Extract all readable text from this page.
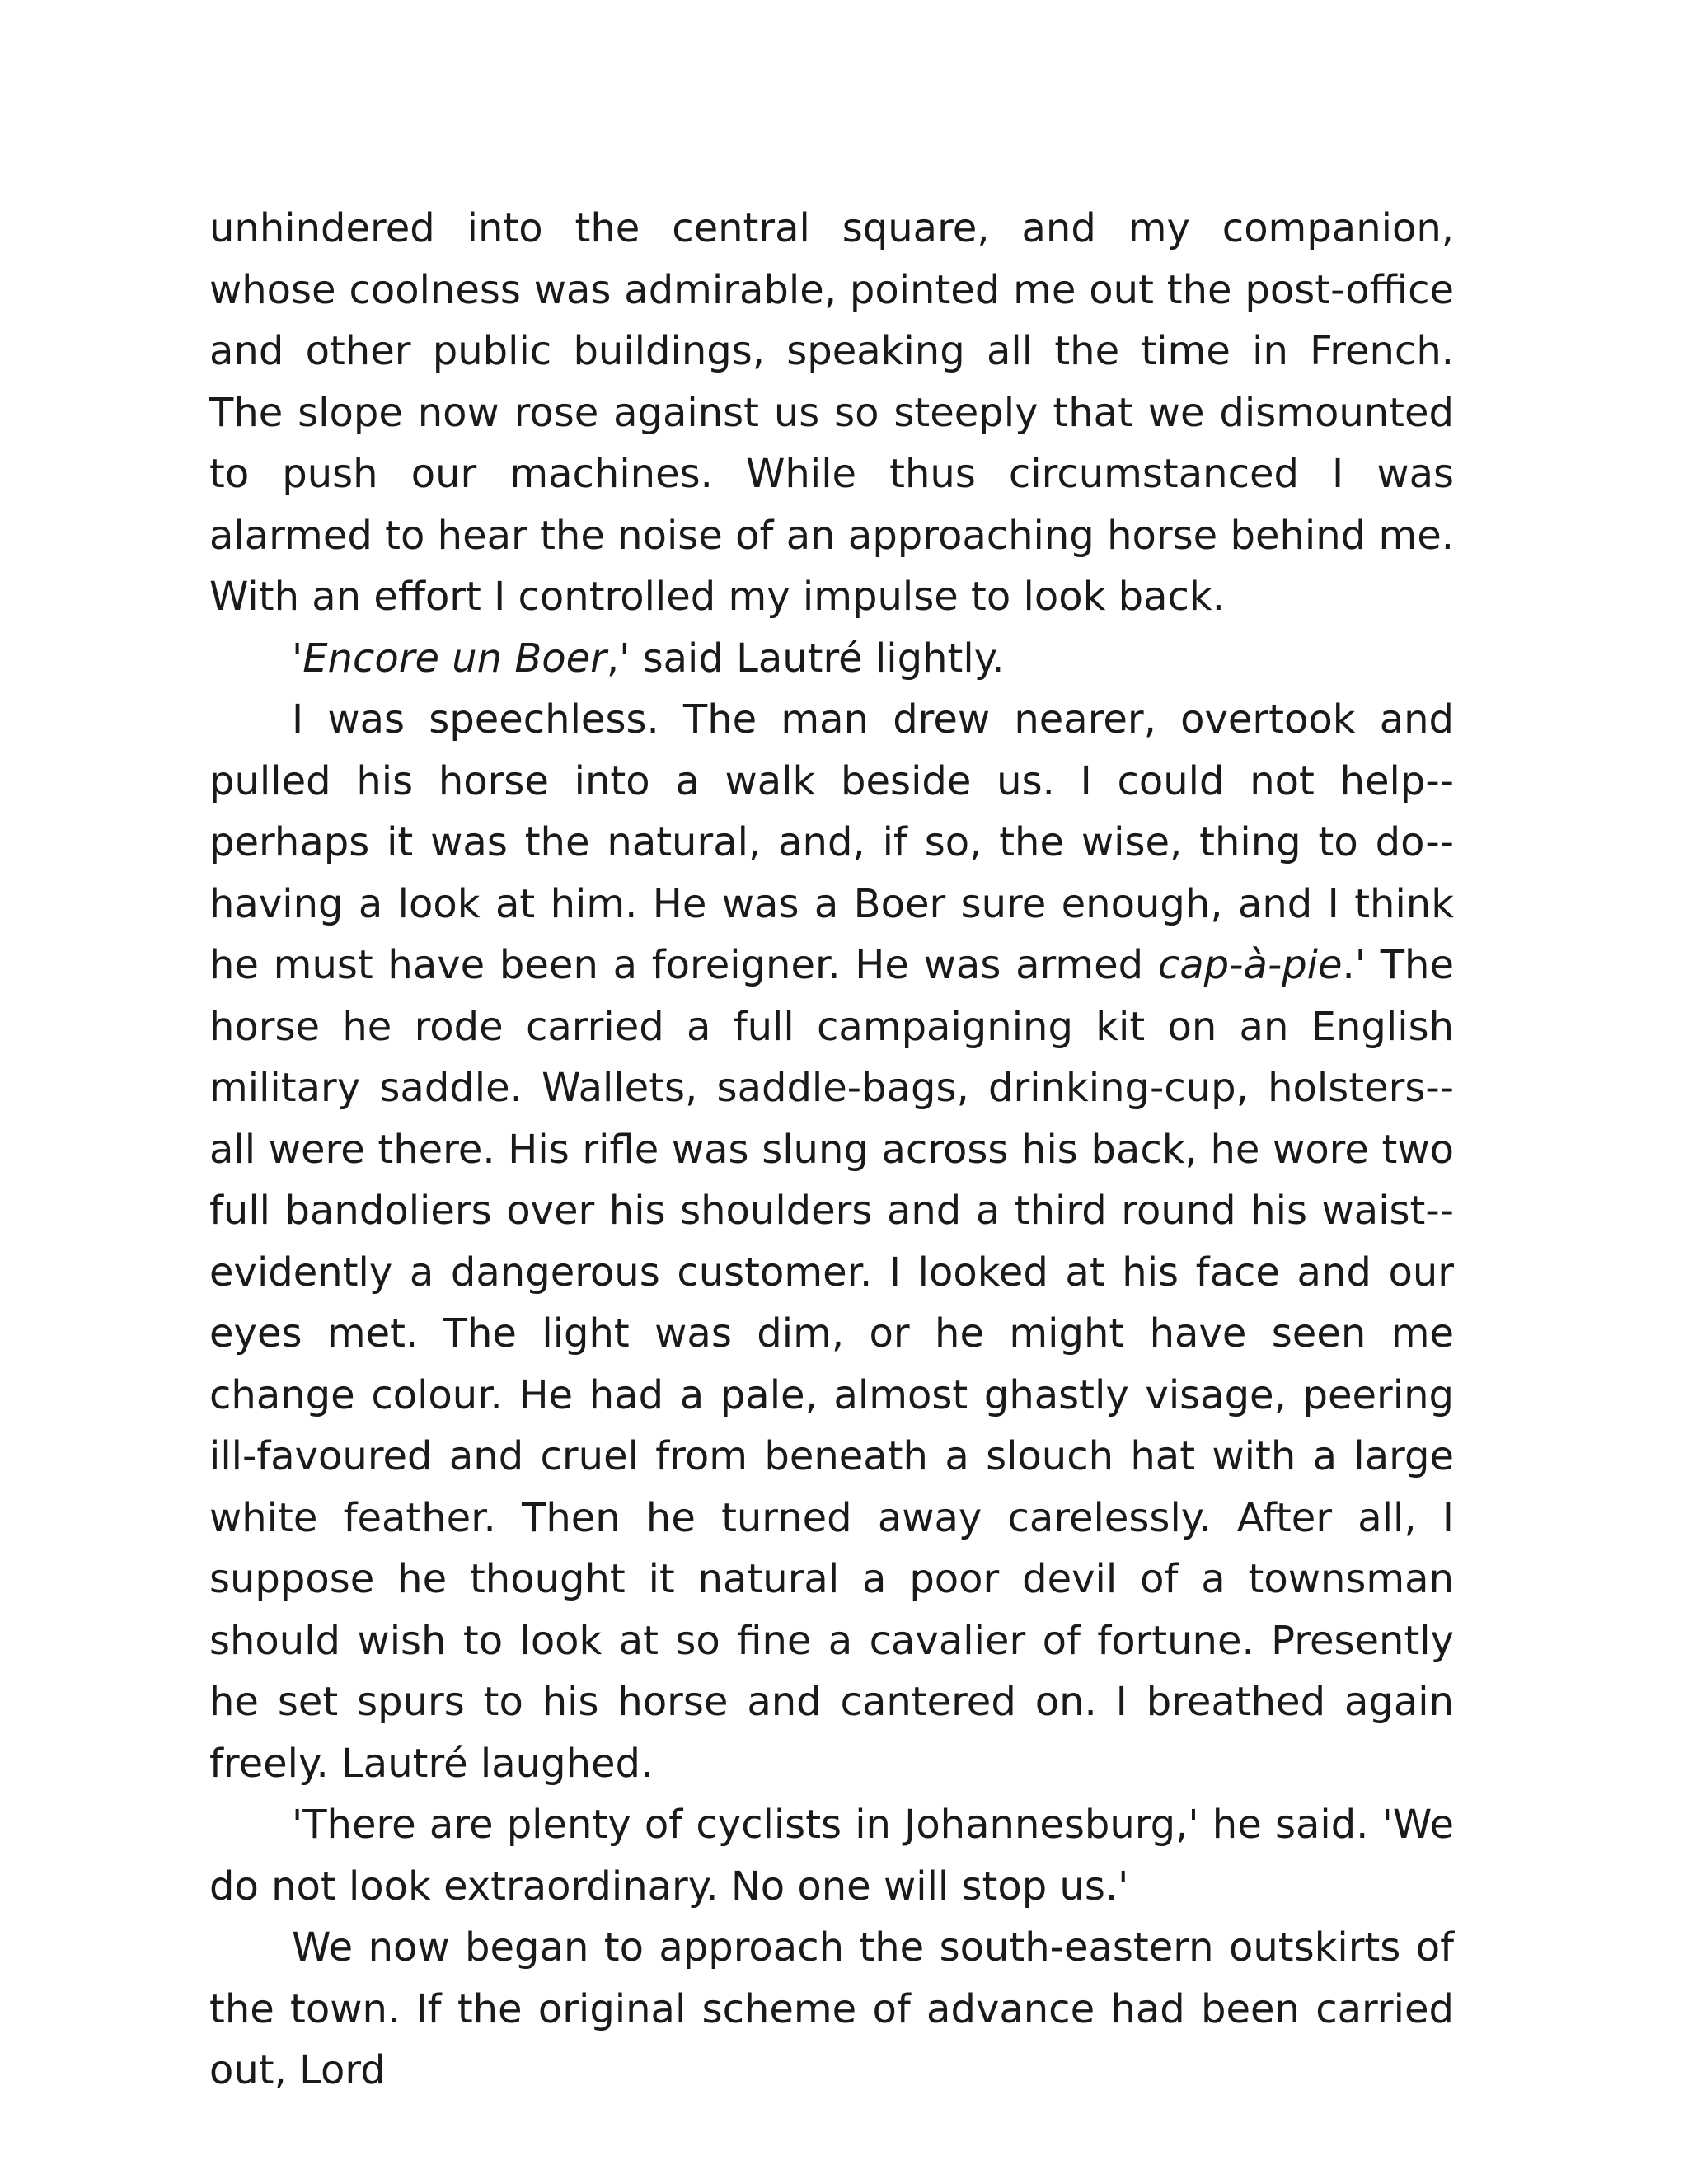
unhindered into the central square, and my companion, whose coolness was admirable, pointed me out the post-office and other public buildings, speaking all the time in French. The slope now rose against us so steeply that we dismounted to push our machines. While thus circumstanced I was alarmed to hear the noise of an approaching horse behind me. With an effort I controlled my impulse to look back.

'Encore un Boer,' said Lautré lightly.

I was speechless. The man drew nearer, overtook and pulled his horse into a walk beside us. I could not help--perhaps it was the natural, and, if so, the wise, thing to do--having a look at him. He was a Boer sure enough, and I think he must have been a foreigner. He was armed cap-à-pie.' The horse he rode carried a full campaigning kit on an English military saddle. Wallets, saddle-bags, drinking-cup, holsters--all were there. His rifle was slung across his back, he wore two full bandoliers over his shoulders and a third round his waist--evidently a dangerous customer. I looked at his face and our eyes met. The light was dim, or he might have seen me change colour. He had a pale, almost ghastly visage, peering ill-favoured and cruel from beneath a slouch hat with a large white feather. Then he turned away carelessly. After all, I suppose he thought it natural a poor devil of a townsman should wish to look at so fine a cavalier of fortune. Presently he set spurs to his horse and cantered on. I breathed again freely. Lautré laughed.

'There are plenty of cyclists in Johannesburg,' he said. 'We do not look extraordinary. No one will stop us.'

We now began to approach the south-eastern outskirts of the town. If the original scheme of advance had been carried out, Lord
